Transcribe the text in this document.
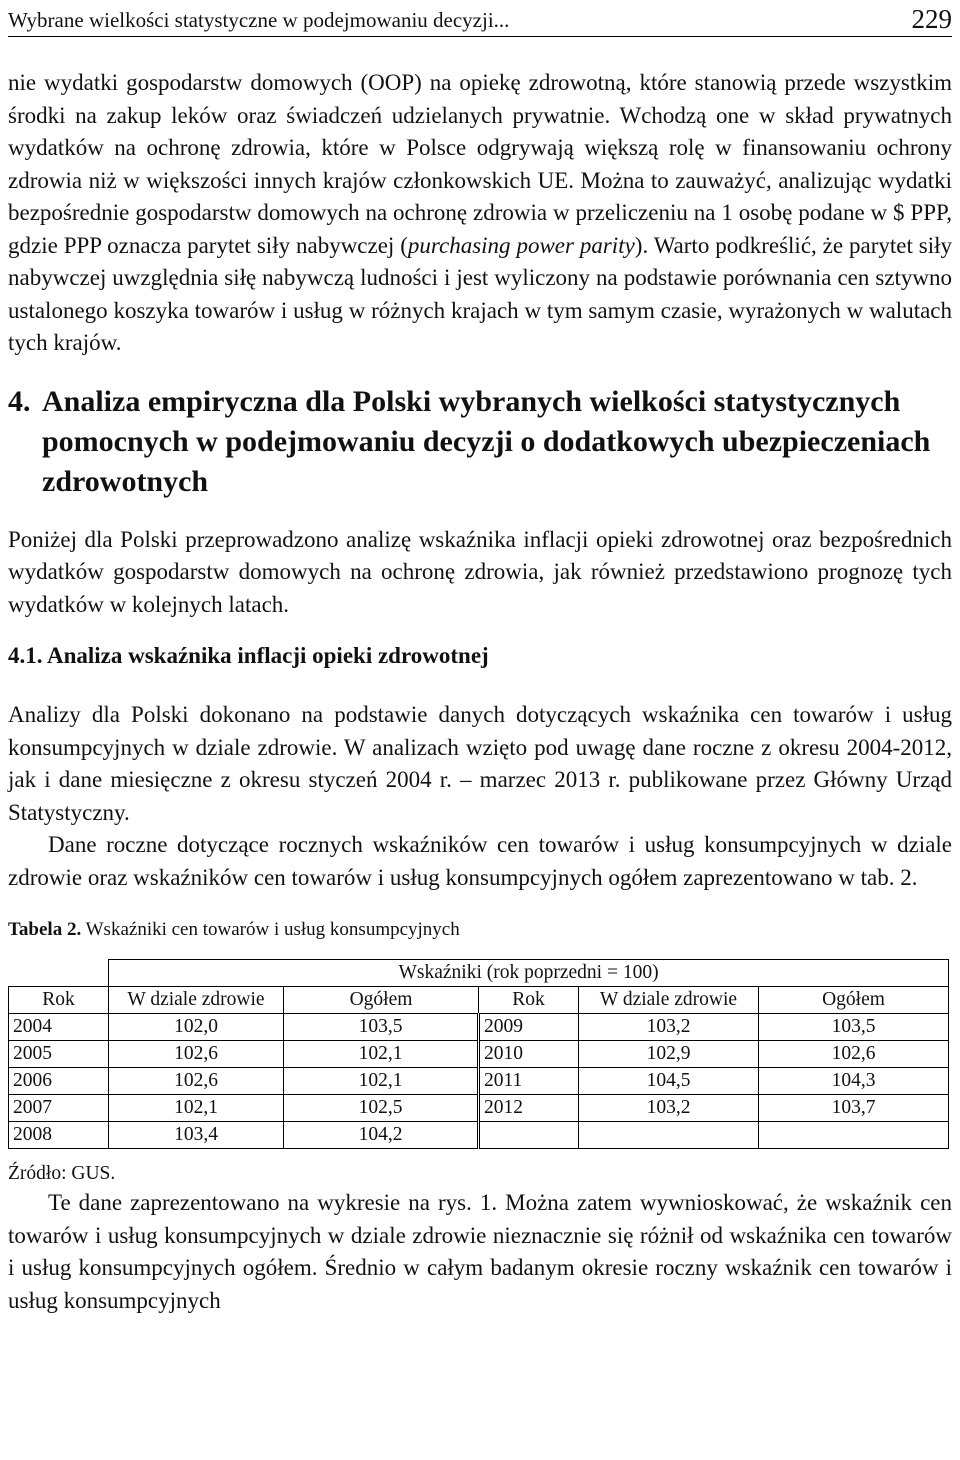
Wybrane wielkości statystyczne w podejmowaniu decyzji...	229

nie wydatki gospodarstw domowych (OOP) na opiekę zdrowotną, które stanowią przede wszystkim środki na zakup leków oraz świadczeń udzielanych prywatnie. Wchodzą one w skład prywatnych wydatków na ochronę zdrowia, które w Polsce odgrywają większą rolę w finansowaniu ochrony zdrowia niż w większości innych krajów członkowskich UE. Można to zauważyć, analizując wydatki bezpośrednie gospodarstw domowych na ochronę zdrowia w przeliczeniu na 1 osobę podane w $ PPP, gdzie PPP oznacza parytet siły nabywczej (purchasing power parity). Warto podkreślić, że parytet siły nabywczej uwzględnia siłę nabywczą ludności i jest wyliczony na podstawie porównania cen sztywno ustalonego koszyka towarów i usług w różnych krajach w tym samym czasie, wyrażonych w walutach tych krajów.

4. Analiza empiryczna dla Polski wybranych wielkości statystycznych pomocnych w podejmowaniu decyzji o dodatkowych ubezpieczeniach zdrowotnych

Poniżej dla Polski przeprowadzono analizę wskaźnika inflacji opieki zdrowotnej oraz bezpośrednich wydatków gospodarstw domowych na ochronę zdrowia, jak również przedstawiono prognozę tych wydatków w kolejnych latach.

4.1. Analiza wskaźnika inflacji opieki zdrowotnej

Analizy dla Polski dokonano na podstawie danych dotyczących wskaźnika cen towarów i usług konsumpcyjnych w dziale zdrowie. W analizach wzięto pod uwagę dane roczne z okresu 2004-2012, jak i dane miesięczne z okresu styczeń 2004 r. – marzec 2013 r. publikowane przez Główny Urząd Statystyczny.

Dane roczne dotyczące rocznych wskaźników cen towarów i usług konsumpcyjnych w dziale zdrowie oraz wskaźników cen towarów i usług konsumpcyjnych ogółem zaprezentowano w tab. 2.

Tabela 2. Wskaźniki cen towarów i usług konsumpcyjnych
	Wskaźniki (rok poprzedni = 100)				
Rok	W dziale zdrowie	Ogółem	Rok	W dziale zdrowie	Ogółem
2004	102,0	103,5	2009	103,2	103,5
2005	102,6	102,1	2010	102,9	102,6
2006	102,6	102,1	2011	104,5	104,3
2007	102,1	102,5	2012	103,2	103,7
2008	103,4	104,2			
Źródło: GUS.

Te dane zaprezentowano na wykresie na rys. 1. Można zatem wywnioskować, że wskaźnik cen towarów i usług konsumpcyjnych w dziale zdrowie nieznacznie się różnił od wskaźnika cen towarów i usług konsumpcyjnych ogółem. Średnio w całym badanym okresie roczny wskaźnik cen towarów i usług konsumpcyjnych
